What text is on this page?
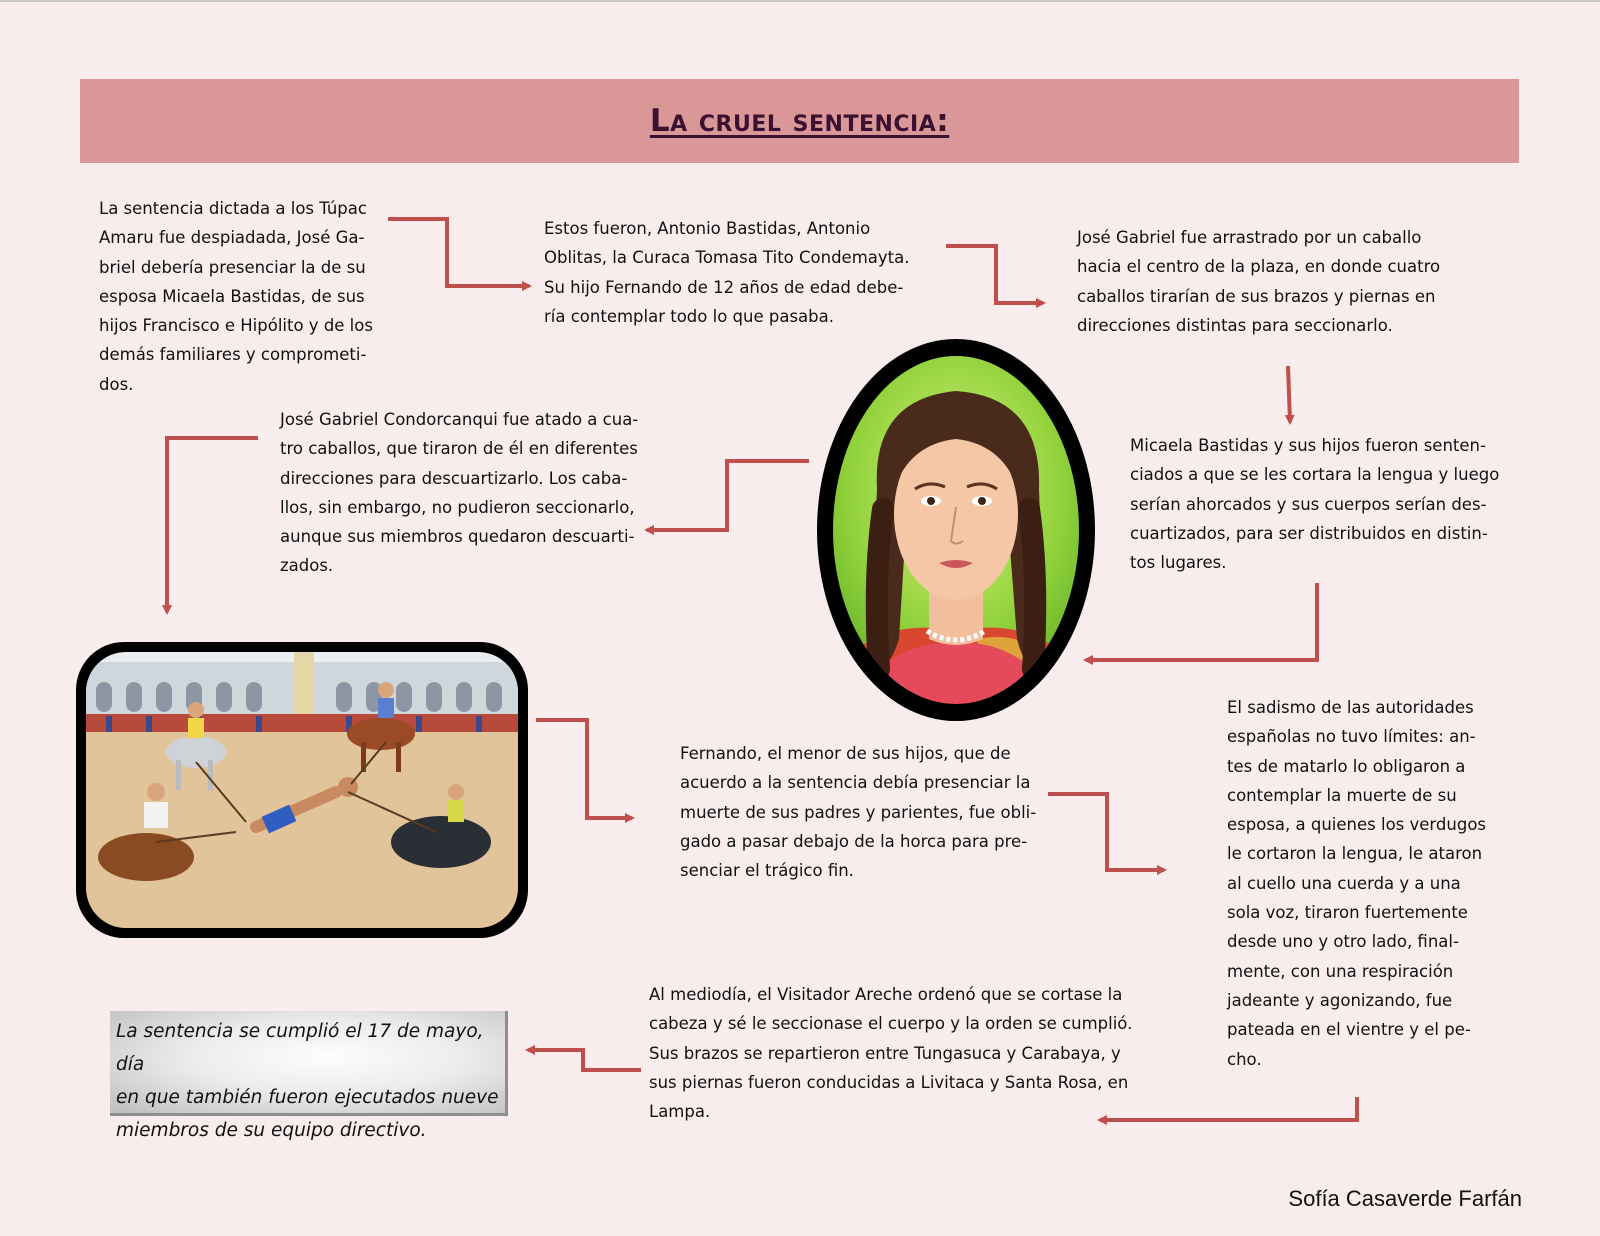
La cruel sentencia:

La sentencia dictada a los Túpac
Amaru fue despiadada, José Ga-
briel debería presenciar la de su
esposa Micaela Bastidas, de sus
hijos Francisco e Hipólito y de los
demás familiares y comprometi-
dos.

Estos fueron, Antonio Bastidas, Antonio
Oblitas, la Curaca Tomasa Tito Condemayta.
Su hijo Fernando de 12 años de edad debe-
ría contemplar todo lo que pasaba.

José Gabriel fue arrastrado por un caballo
hacia el centro de la plaza, en donde cuatro
caballos tirarían de sus brazos y piernas en
direcciones distintas para seccionarlo.

José Gabriel Condorcanqui fue atado a cua-
tro caballos, que tiraron de él en diferentes
direcciones para descuartizarlo. Los caba-
llos, sin embargo, no pudieron seccionarlo,
aunque sus miembros quedaron descuarti-
zados.

Micaela Bastidas y sus hijos fueron senten-
ciados a que se les cortara la lengua y luego
serían ahorcados y sus cuerpos serían des-
cuartizados, para ser distribuidos en distin-
tos lugares.

El sadismo de las autoridades
españolas no tuvo límites: an-
tes de matarlo lo obligaron a
contemplar la muerte de su
esposa, a quienes los verdugos
le cortaron la lengua, le ataron
al cuello una cuerda y a una
sola voz, tiraron fuertemente
desde uno y otro lado, final-
mente, con una respiración
jadeante y agonizando, fue
pateada en el vientre y el pe-
cho.

Fernando, el menor de sus hijos, que de
acuerdo a la sentencia debía presenciar la
muerte de sus padres y parientes, fue obli-
gado a pasar debajo de la horca para pre-
senciar el trágico fin.

Al mediodía, el Visitador Areche ordenó que se cortase la
cabeza y sé le seccionase el cuerpo y la orden se cumplió.
Sus brazos se repartieron entre Tungasuca y Carabaya, y
sus piernas fueron conducidas a Livitaca y Santa Rosa, en
Lampa.

La sentencia se cumplió el 17 de mayo, día
en que también fueron ejecutados nueve
miembros de su equipo directivo.

Sofía Casaverde Farfán
